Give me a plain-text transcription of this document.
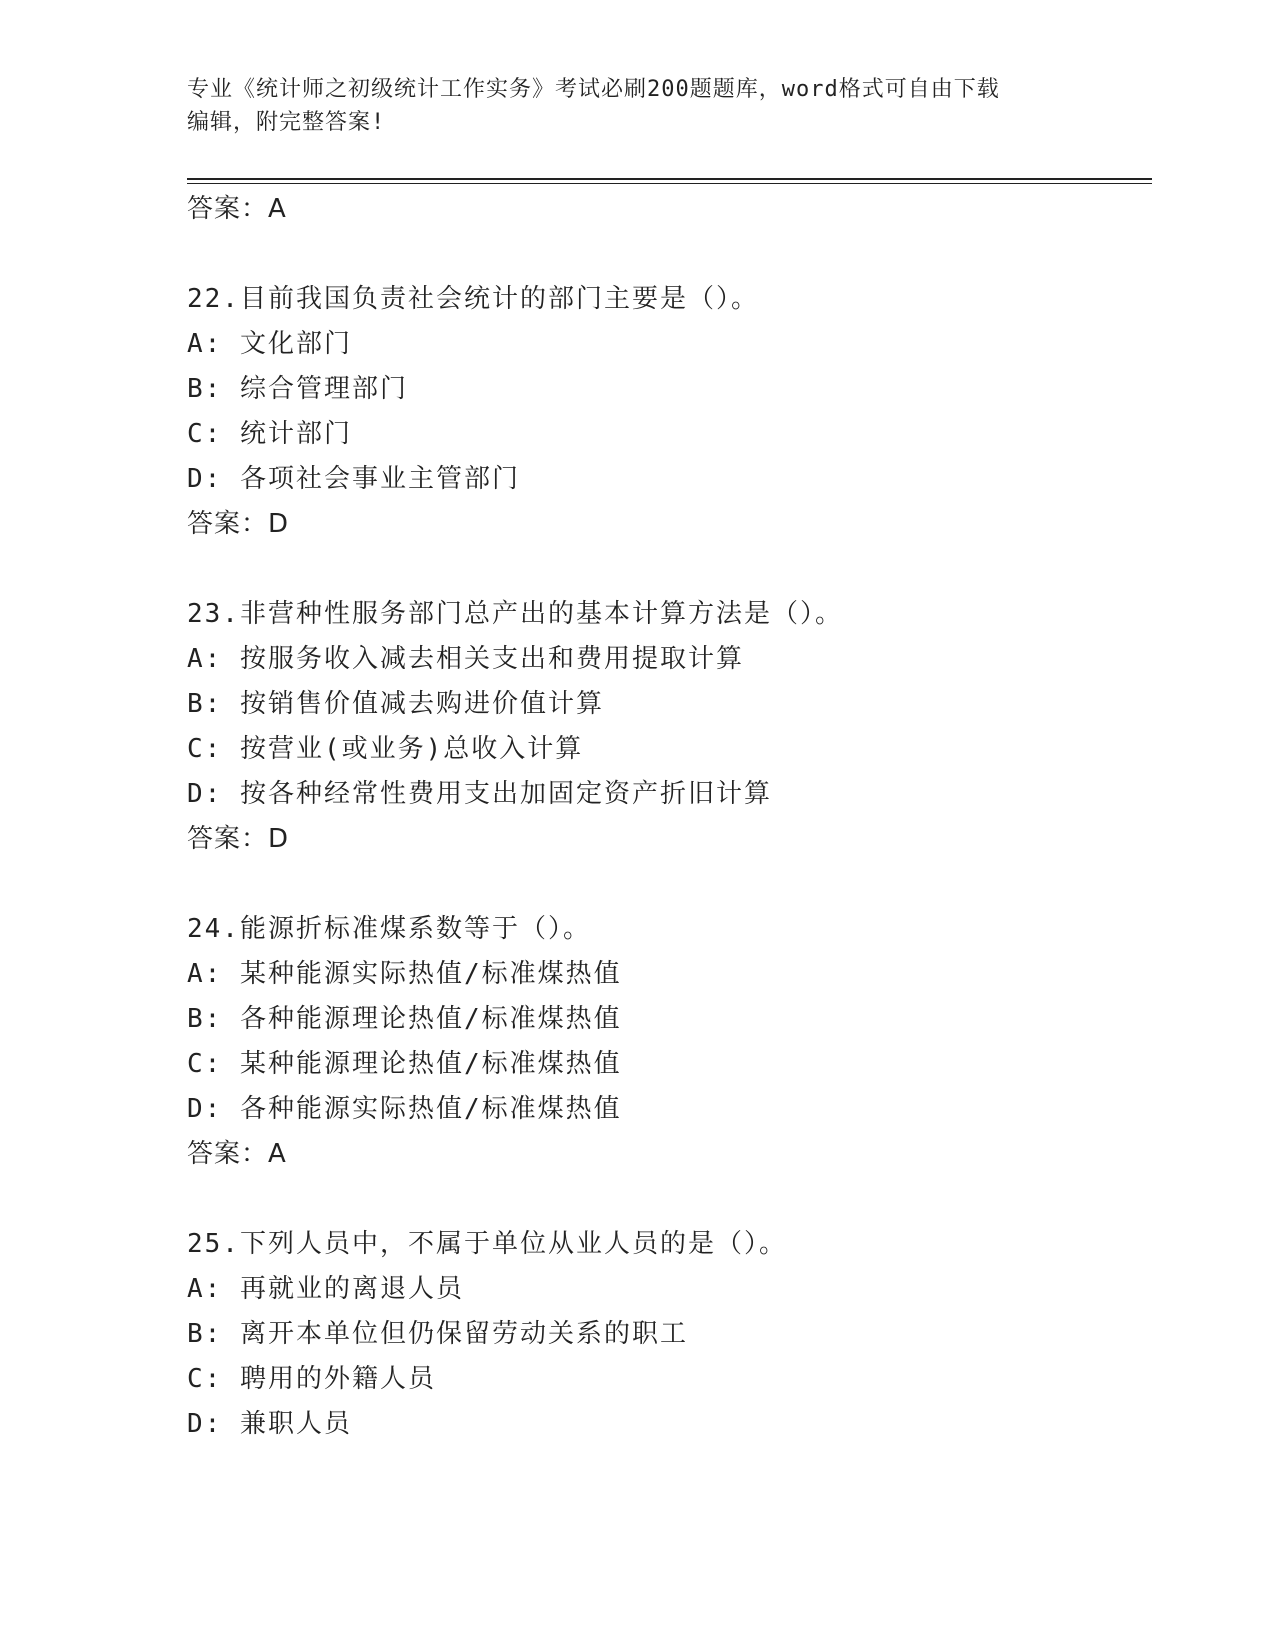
专业《统计师之初级统计工作实务》考试必刷200题题库，word格式可自由下载
编辑，附完整答案!
答案：A
22.目前我国负责社会统计的部门主要是（）。
A: 文化部门
B: 综合管理部门
C: 统计部门
D: 各项社会事业主管部门
答案：D
23.非营种性服务部门总产出的基本计算方法是（）。
A: 按服务收入减去相关支出和费用提取计算
B: 按销售价值减去购进价值计算
C: 按营业(或业务)总收入计算
D: 按各种经常性费用支出加固定资产折旧计算
答案：D
24.能源折标准煤系数等于（）。
A: 某种能源实际热值/标准煤热值
B: 各种能源理论热值/标准煤热值
C: 某种能源理论热值/标准煤热值
D: 各种能源实际热值/标准煤热值
答案：A
25.下列人员中，不属于单位从业人员的是（）。
A: 再就业的离退人员
B: 离开本单位但仍保留劳动关系的职工
C: 聘用的外籍人员
D: 兼职人员
